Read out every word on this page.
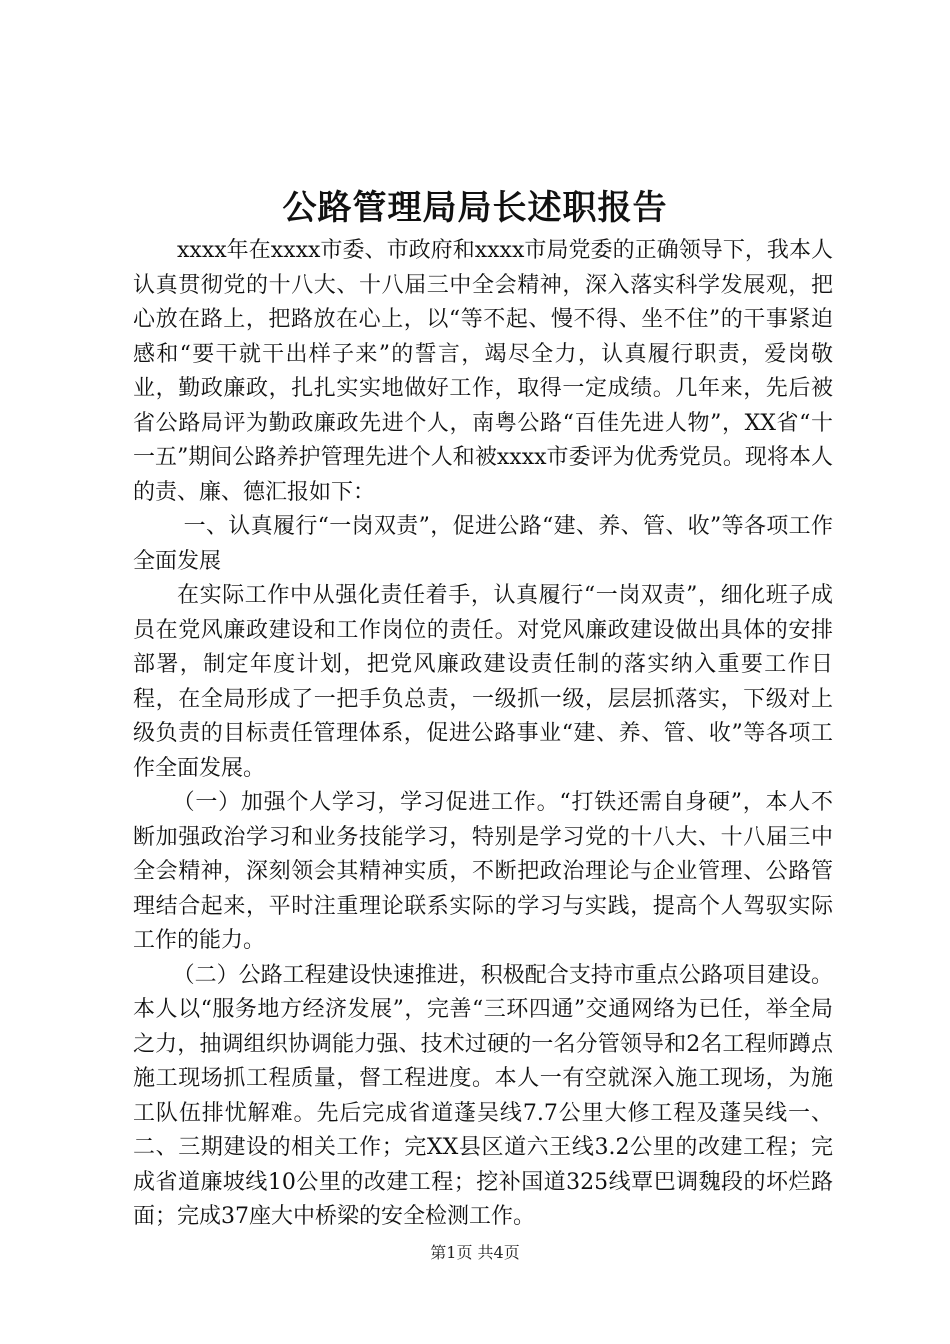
公路管理局局长述职报告

xxxx年在xxxx市委、市政府和xxxx市局党委的正确领导下，我本人认真贯彻党的十八大、十八届三中全会精神，深入落实科学发展观，把心放在路上，把路放在心上，以“等不起、慢不得、坐不住”的干事紧迫感和“要干就干出样子来”的誓言，竭尽全力，认真履行职责，爱岗敬业，勤政廉政，扎扎实实地做好工作，取得一定成绩。几年来，先后被省公路局评为勤政廉政先进个人，南粤公路“百佳先进人物”，XX省“十一五”期间公路养护管理先进个人和被xxxx市委评为优秀党员。现将本人的责、廉、德汇报如下：

一、认真履行“一岗双责”，促进公路“建、养、管、收”等各项工作全面发展

在实际工作中从强化责任着手，认真履行“一岗双责”，细化班子成员在党风廉政建设和工作岗位的责任。对党风廉政建设做出具体的安排部署，制定年度计划，把党风廉政建设责任制的落实纳入重要工作日程，在全局形成了一把手负总责，一级抓一级，层层抓落实，下级对上级负责的目标责任管理体系，促进公路事业“建、养、管、收”等各项工作全面发展。

（一）加强个人学习，学习促进工作。“打铁还需自身硬”，本人不断加强政治学习和业务技能学习，特别是学习党的十八大、十八届三中全会精神，深刻领会其精神实质，不断把政治理论与企业管理、公路管理结合起来，平时注重理论联系实际的学习与实践，提高个人驾驭实际工作的能力。

（二）公路工程建设快速推进，积极配合支持市重点公路项目建设。本人以“服务地方经济发展”，完善“三环四通”交通网络为已任，举全局之力，抽调组织协调能力强、技术过硬的一名分管领导和2名工程师蹲点施工现场抓工程质量，督工程进度。本人一有空就深入施工现场，为施工队伍排忧解难。先后完成省道蓬吴线7.7公里大修工程及蓬吴线一、二、三期建设的相关工作；完XX县区道六王线3.2公里的改建工程；完成省道廉坡线10公里的改建工程；挖补国道325线覃巴调魏段的坏烂路面；完成37座大中桥梁的安全检测工作。

第1页 共4页
